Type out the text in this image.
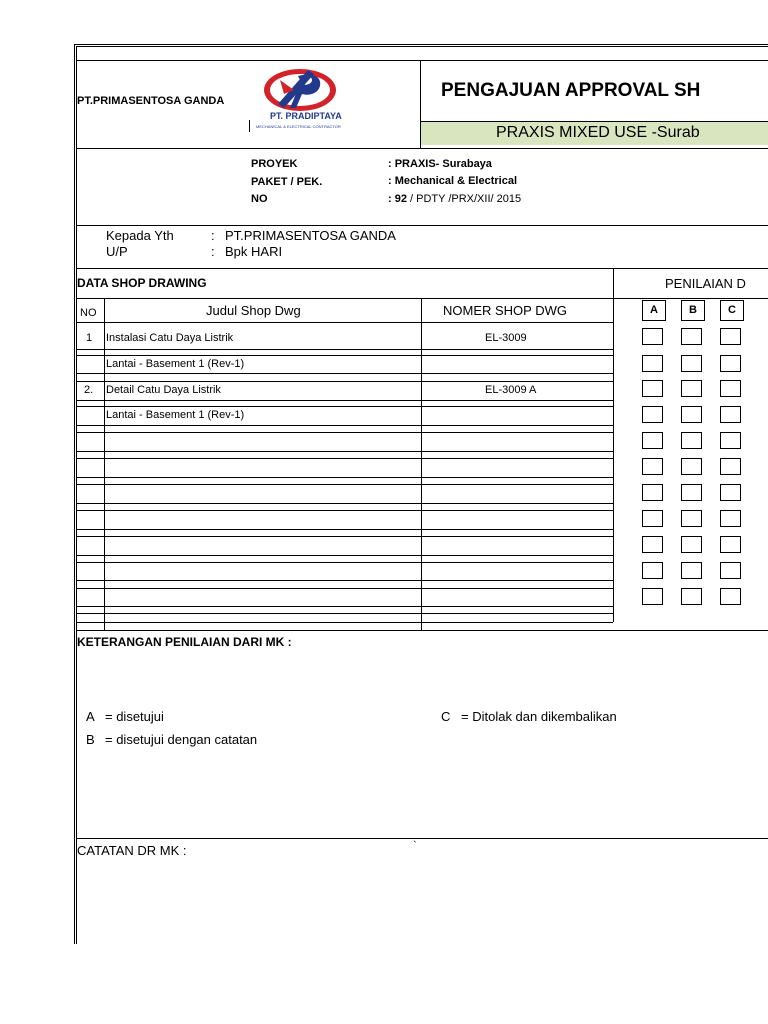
PT.PRIMASENTOSA GANDA
PT. PRADIPTAYA
MECHANICAL & ELECTRICAL CONTRACTOR
PENGAJUAN APPROVAL SH
PRAXIS MIXED USE -Surab
PROYEK	: PRAXIS- Surabaya
PAKET / PEK.	: Mechanical & Electrical
NO	: 92 / PDTY /PRX/XII/ 2015
Kepada Yth	: PT.PRIMASENTOSA GANDA
U/P	: Bpk HARI
DATA SHOP DRAWING	PENILAIAN D
NO	Judul Shop Dwg	NOMER SHOP DWG	A	B	C
1 Instalasi Catu Daya Listrik	EL-3009
Lantai - Basement 1 (Rev-1)
2. Detail Catu Daya Listrik	EL-3009 A
Lantai - Basement 1 (Rev-1)
KETERANGAN PENILAIAN DARI MK :
A = disetujui
B = disetujui dengan catatan
C = Ditolak dan dikembalikan
CATATAN DR MK :	`
